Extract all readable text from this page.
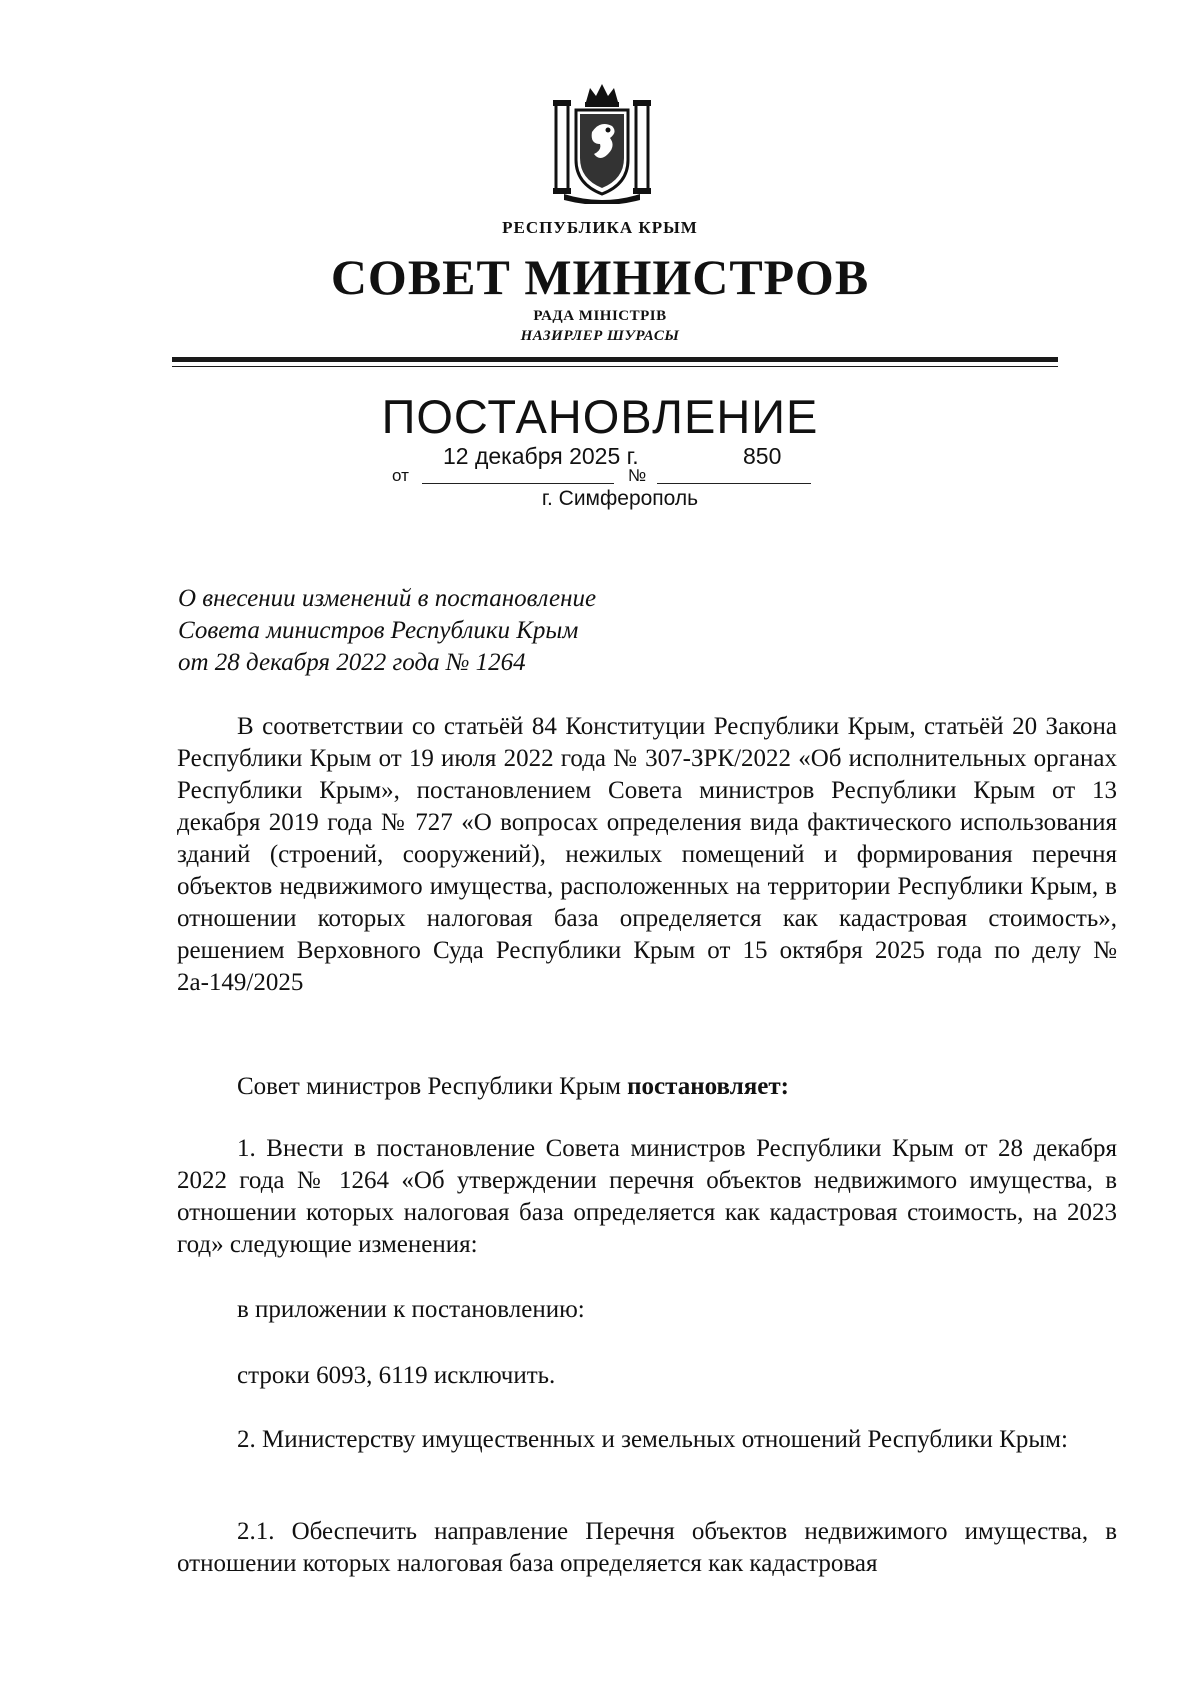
РЕСПУБЛИКА КРЫМ
СОВЕТ МИНИСТРОВ
РАДА МІНІСТРІВ
НАЗИРЛЕР ШУРАСЫ
ПОСТАНОВЛЕНИЕ
от	№
12 декабря 2025 г.	850
г. Симферополь
О внесении изменений в постановление
Совета министров Республики Крым
от 28 декабря 2022 года № 1264
В соответствии со статьёй 84 Конституции Республики Крым, статьёй 20 Закона Республики Крым от 19 июля 2022 года № 307-ЗРК/2022 «Об исполнительных органах Республики Крым», постановлением Совета министров Республики Крым от 13 декабря 2019 года № 727 «О вопросах определения вида фактического использования зданий (строений, сооружений), нежилых помещений и формирования перечня объектов недвижимого имущества, расположенных на территории Республики Крым, в отношении которых налоговая база определяется как кадастровая стоимость», решением Верховного Суда Республики Крым от 15 октября 2025 года по делу № 2а-149/2025
Совет министров Республики Крым постановляет:
1. Внести в постановление Совета министров Республики Крым от 28 декабря 2022 года № 1264 «Об утверждении перечня объектов недвижимого имущества, в отношении которых налоговая база определяется как кадастровая стоимость, на 2023 год» следующие изменения:
в приложении к постановлению:
строки 6093, 6119 исключить.
2. Министерству имущественных и земельных отношений Республики Крым:
2.1. Обеспечить направление Перечня объектов недвижимого имущества, в отношении которых налоговая база определяется как кадастровая
